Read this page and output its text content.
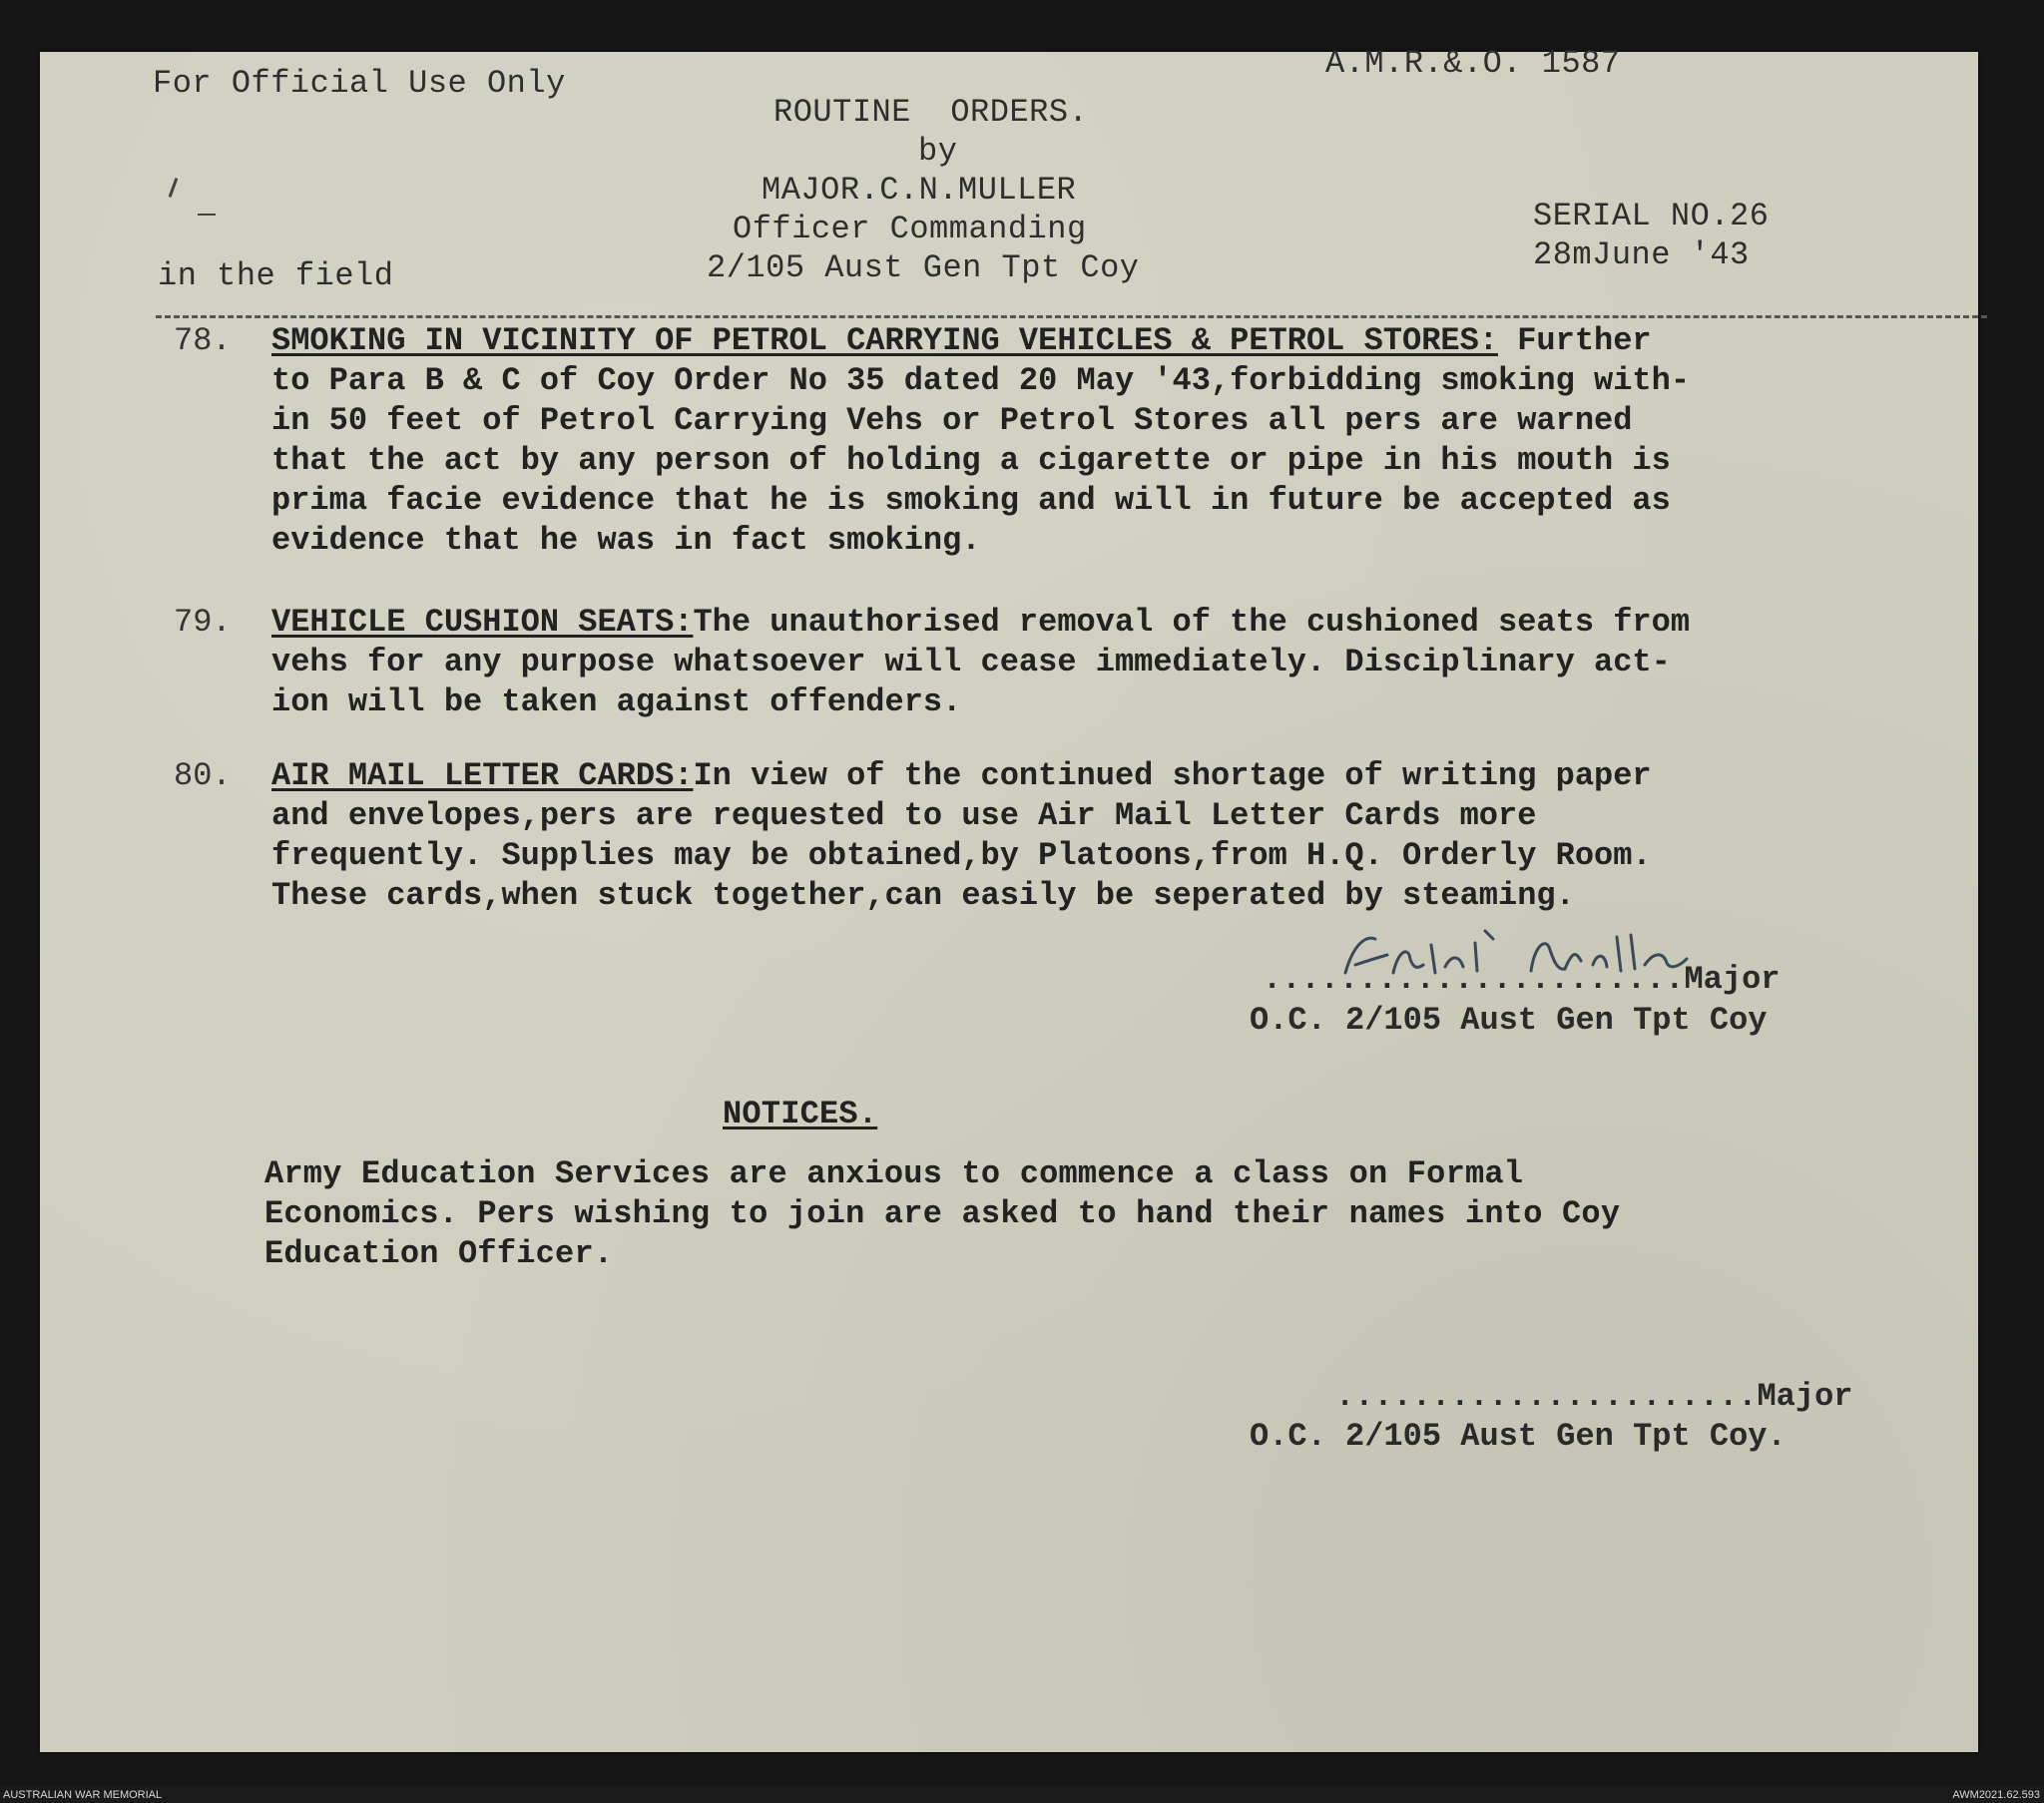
For Official Use Only
A.M.R.&.O. 1587
ROUTINE  ORDERS.
by
MAJOR.C.N.MULLER
Officer Commanding
2/105 Aust Gen Tpt Coy
in the field
SERIAL NO.26
28mJune '43
78. SMOKING IN VICINITY OF PETROL CARRYING VEHICLES & PETROL STORES: Further
to Para B & C of Coy Order No 35 dated 20 May '43,forbidding smoking with-
in 50 feet of Petrol Carrying Vehs or Petrol Stores all pers are warned
that the act by any person of holding a cigarette or pipe in his mouth is
prima facie evidence that he is smoking and will in future be accepted as
evidence that he was in fact smoking.
79. VEHICLE CUSHION SEATS:The unauthorised removal of the cushioned seats from
vehs for any purpose whatsoever will cease immediately. Disciplinary act-
ion will be taken against offenders.
80. AIR MAIL LETTER CARDS:In view of the continued shortage of writing paper
and envelopes,pers are requested to use Air Mail Letter Cards more
frequently. Supplies may be obtained,by Platoons,from H.Q. Orderly Room.
These cards,when stuck together,can easily be seperated by steaming.
......................Major
O.C. 2/105 Aust Gen Tpt Coy
NOTICES.
Army Education Services are anxious to commence a class on Formal
Economics. Pers wishing to join are asked to hand their names into Coy
Education Officer.
......................Major
O.C. 2/105 Aust Gen Tpt Coy.
AUSTRALIAN WAR MEMORIAL	AWM2021.62.593
